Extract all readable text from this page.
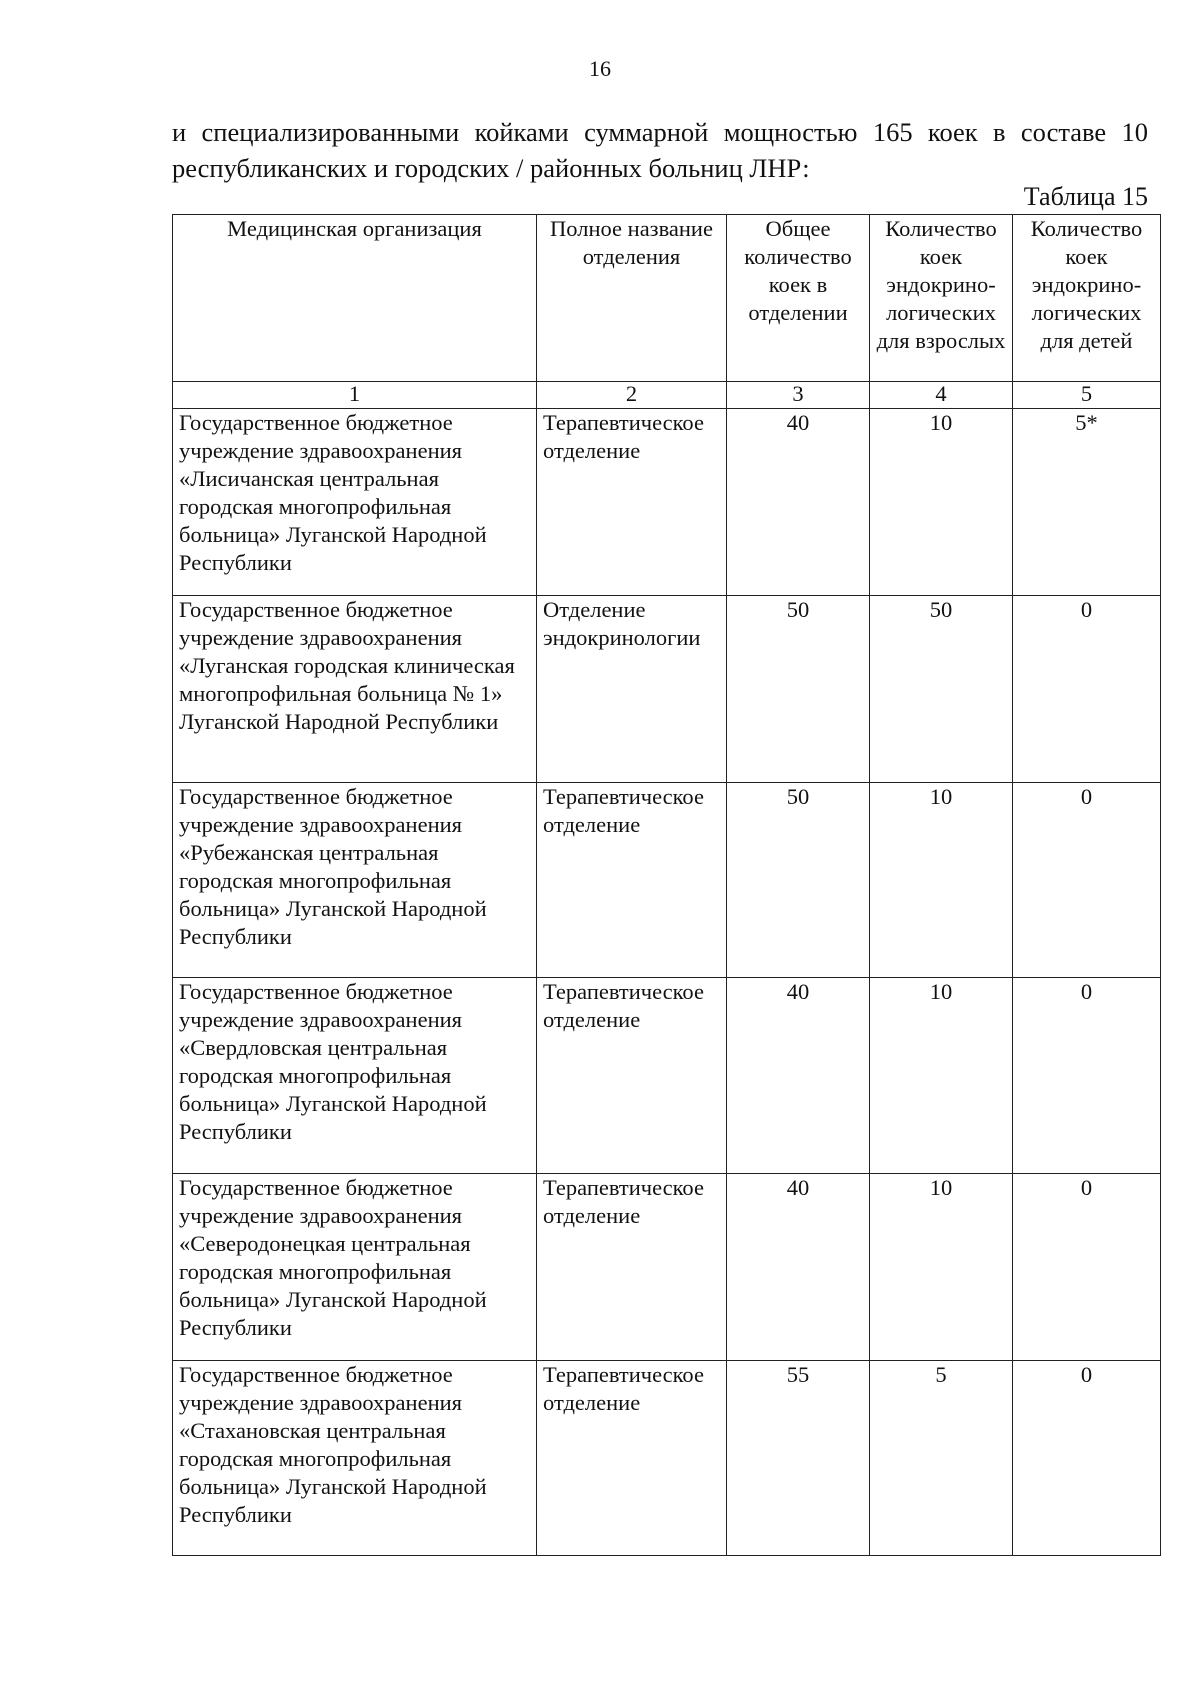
16
и специализированными койками суммарной мощностью 165 коек в составе 10 республиканских и городских / районных больниц ЛНР:
Таблица 15
Медицинская организация	Полное название отделения	Общее количество коек в отделении	Количество коек эндокрино-логических для взрослых	Количество коек эндокрино-логических для детей
1	2	3	4	5
Государственное бюджетное учреждение здравоохранения «Лисичанская центральная городская многопрофильная больница» Луганской Народной Республики	Терапевтическое отделение	40	10	5*
Государственное бюджетное учреждение здравоохранения «Луганская городская клиническая многопрофильная больница № 1» Луганской Народной Республики	Отделение эндокринологии	50	50	0
Государственное бюджетное учреждение здравоохранения «Рубежанская центральная городская многопрофильная больница» Луганской Народной Республики	Терапевтическое отделение	50	10	0
Государственное бюджетное учреждение здравоохранения «Свердловская центральная городская многопрофильная больница» Луганской Народной Республики	Терапевтическое отделение	40	10	0
Государственное бюджетное учреждение здравоохранения «Северодонецкая центральная городская многопрофильная больница» Луганской Народной Республики	Терапевтическое отделение	40	10	0
Государственное бюджетное учреждение здравоохранения «Стахановская центральная городская многопрофильная больница» Луганской Народной Республики	Терапевтическое отделение	55	5	0
